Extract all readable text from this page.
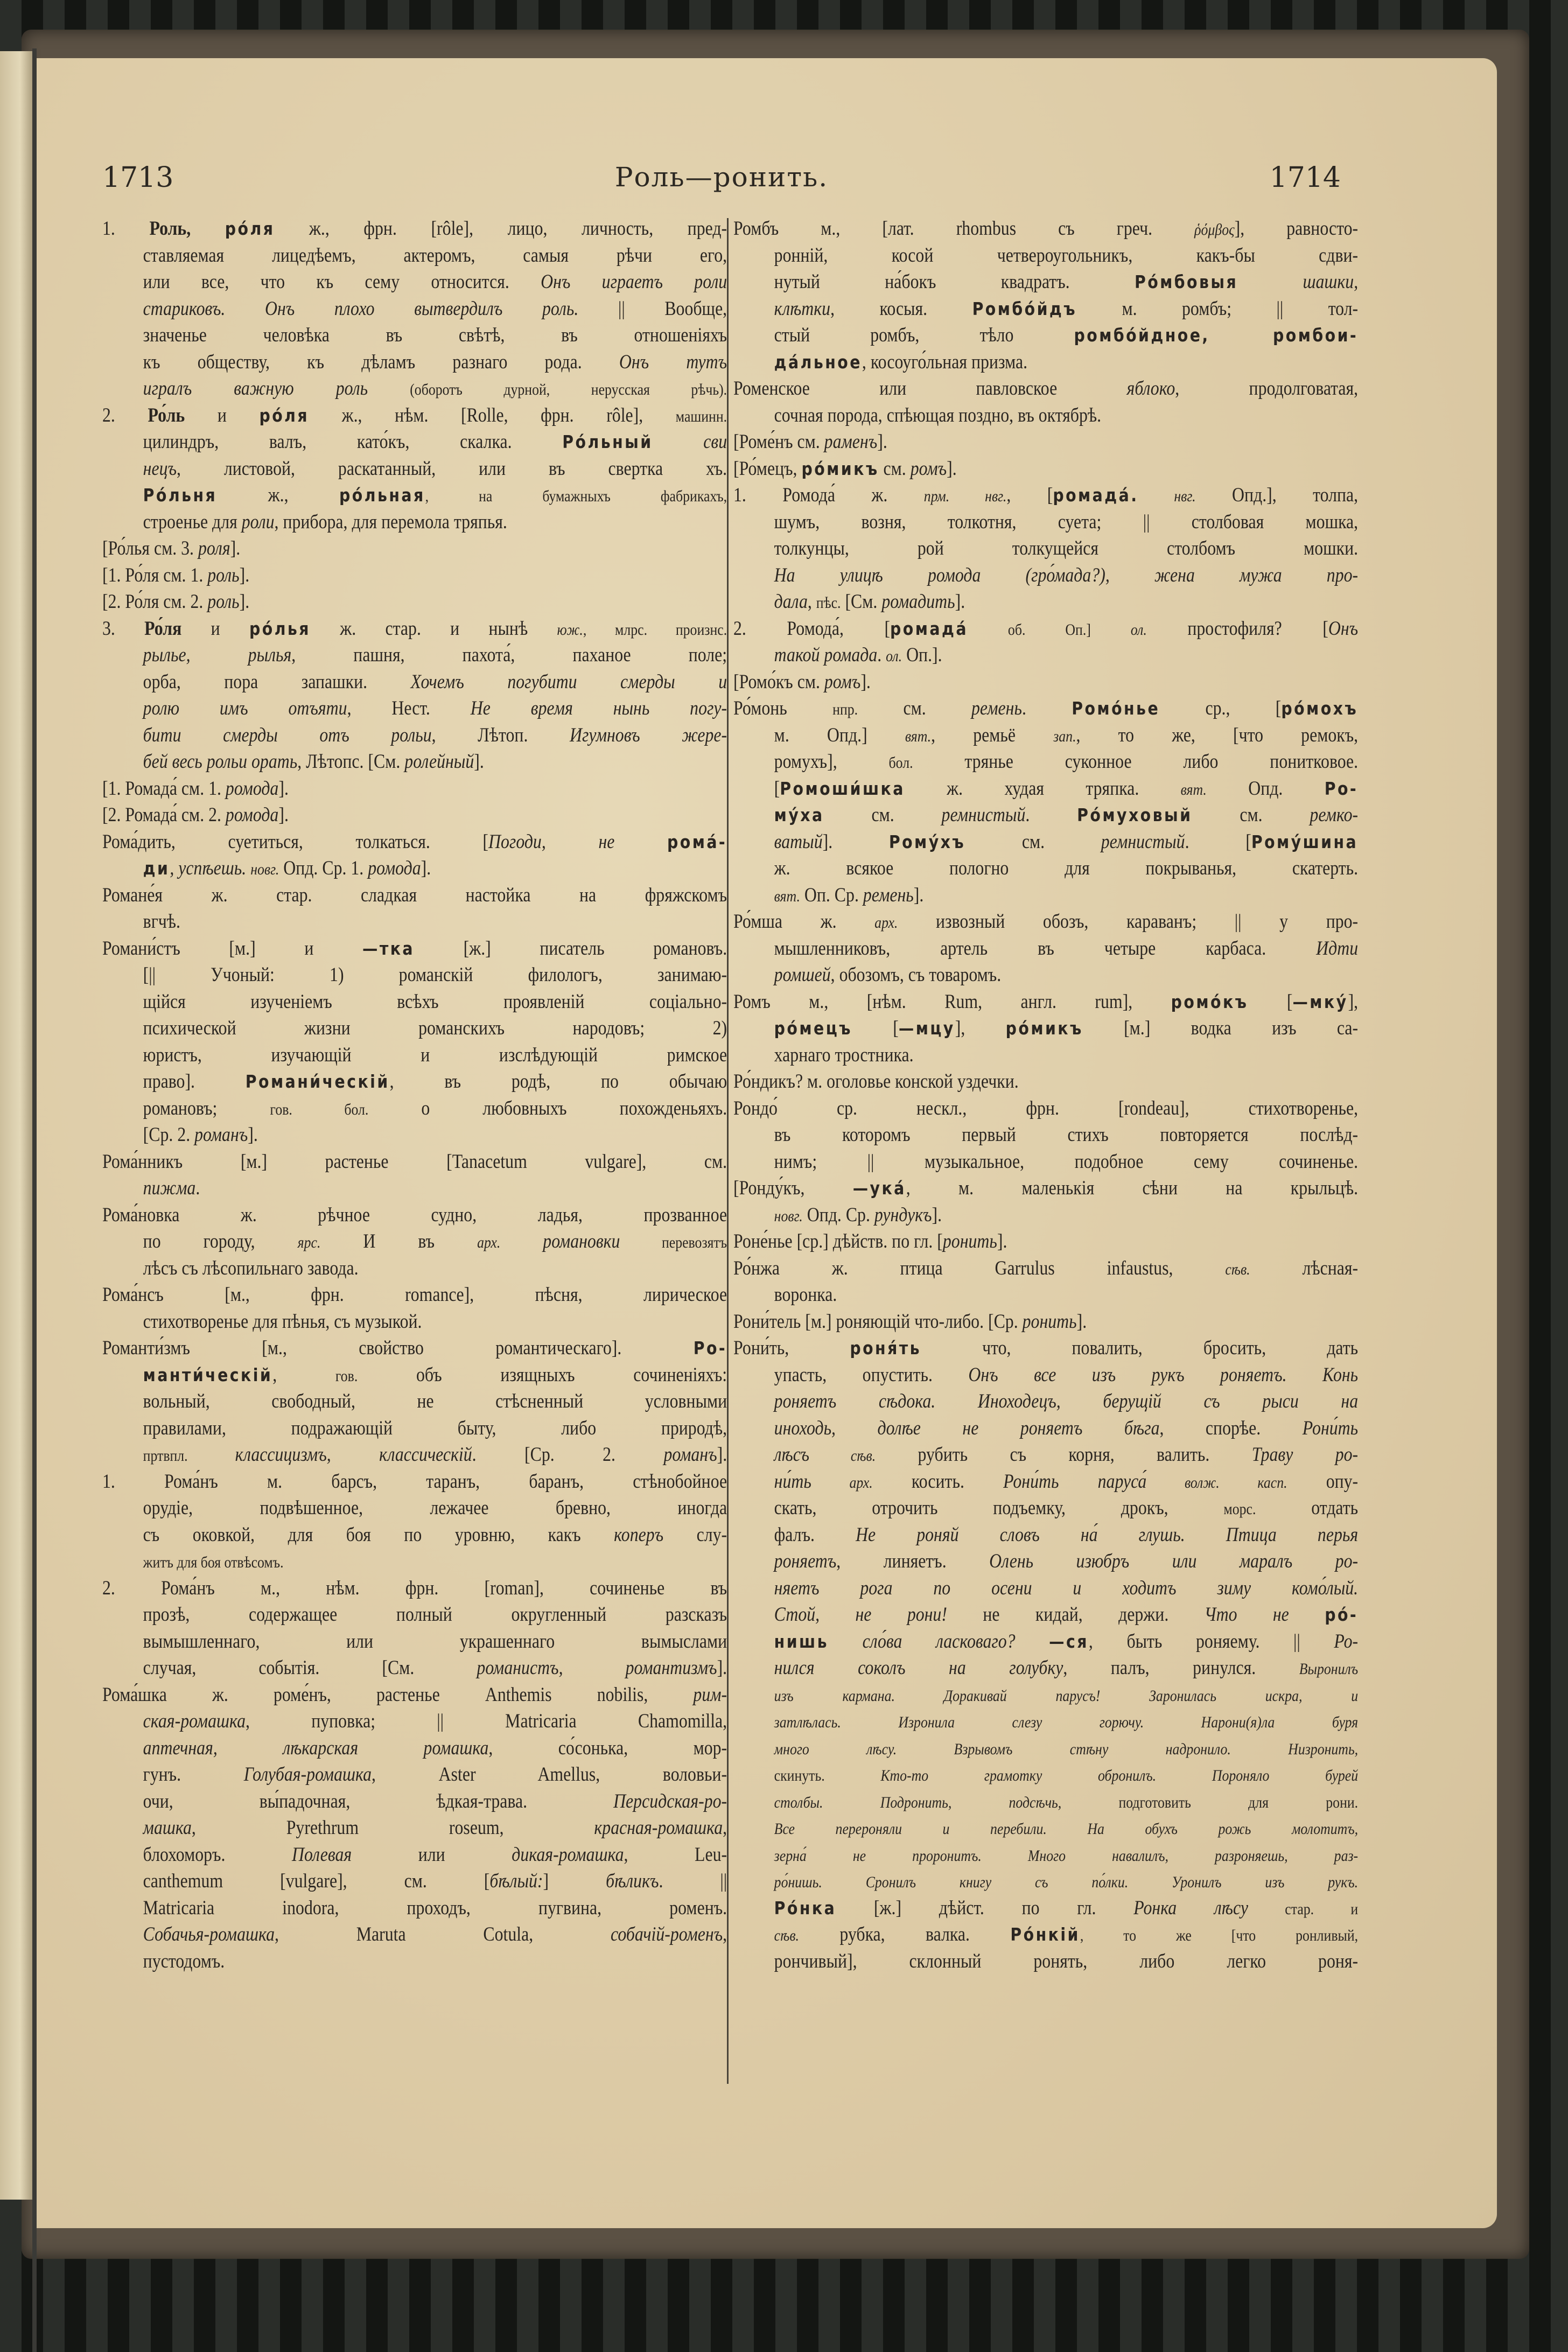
1713	Роль—ронить.	1714
1. Роль, ро́ля ж., фрн. [rôle], лицо, личность, пред-
ставляемая лицедѣемъ, актеромъ, самыя рѣчи его,
или все, что къ сему относится. Онъ играетъ роли
стариковъ. Онъ плохо вытвердилъ роль. || Вообще,
значенье человѣка въ свѣтѣ, въ отношеніяхъ
къ обществу, къ дѣламъ разнаго рода. Онъ тутъ
игралъ важную роль (оборотъ дурной, нерусская рѣчь).
2. Ро́ль и ро́ля ж., нѣм. [Rolle, фрн. rôle], машинн.
цилиндръ, валъ, като́къ, скалка. Ро́льный сви
нецъ, листовой, раскатанный, или въ свертка хъ.
Ро́льня ж., ро́льная, на бумажныхъ фабрикахъ,
строенье для роли, прибора, для перемола тряпья.
[Ро́лья см. 3. роля].
[1. Ро́ля см. 1. роль].
[2. Ро́ля см. 2. роль].
3. Ро́ля и ро́лья ж. стар. и нынѣ юж., млрс. произнс.
рылье, рылья, пашня, пахота́, паханое поле;
орба, пора запашки. Хочемъ погубити смерды и
ролю имъ отъяти, Нест. Не время нынь погу-
бити смерды отъ рольи, Лѣтоп. Игумновъ жере-
бей весь рольи орать, Лѣтопс. [См. ролейный].
[1. Ромада́ см. 1. ромода].
[2. Ромада́ см. 2. ромода].
Рома́дить, суетиться, толкаться. [Погоди, не рома́-
ди, успѣешь. новг. Опд. Ср. 1. ромода].
Романе́я ж. стар. сладкая настойка на фряжскомъ
вгчѣ.
Романи́стъ [м.] и —тка [ж.] писатель романовъ.
[|| Учоный: 1) романскій филологъ, занимаю-
щійся изученіемъ всѣхъ проявленій соціально-
психической жизни романскихъ народовъ; 2)
юристъ, изучающій и изслѣдующій римское
право]. Романи́ческій, въ родѣ, по обычаю
романовъ; гов. бол. о любовныхъ похожденьяхъ.
[Ср. 2. романъ].
Рома́нникъ [м.] растенье [Tanacetum vulgare], см.
пижма.
Рома́новка ж. рѣчное судно, ладья, прозванное
по городу, ярс. И въ арх. романовки перевозятъ
лѣсъ съ лѣсопильнаго завода.
Рома́нсъ [м., фрн. romance], пѣсня, лирическое
стихотворенье для пѣнья, съ музыкой.
Романти́змъ [м., свойство романтическаго]. Ро-
манти́ческій, гов. объ изящныхъ сочиненіяхъ:
вольный, свободный, не стѣсненный условными
правилами, подражающій быту, либо природѣ,
пртвпл. классицизмъ, классическій. [Ср. 2. романъ].
1. Рома́нъ м. барсъ, таранъ, баранъ, стѣнобойное
орудіе, подвѣшенное, лежачее бревно, иногда
съ оковкой, для боя по уровню, какъ коперъ слу-
житъ для боя отвѣсомъ.
2. Рома́нъ м., нѣм. фрн. [roman], сочиненье въ
прозѣ, содержащее полный округленный разсказъ
вымышленнаго, или украшеннаго вымыслами
случая, событія. [См. романистъ, романтизмъ].
Рома́шка ж. роме́нъ, растенье Anthemis nobilis, рим-
ская-ромашка, пуповка; || Matricaria Chamomilla,
аптечная, лѣкарская ромашка, со́сонька, мор-
гунъ. Голубая-ромашка, Aster Amellus, воловьи-
очи, вы́падочная, ѣдкая-трава. Персидская-ро-
машка, Pyrethrum roseum, красная-ромашка,
блохоморъ. Полевая или дикая-ромашка, Leu-
canthemum [vulgare], см. [бѣлый:] бѣликъ. ||
Matricaria inodora, проходъ, пугвина, роменъ.
Собачья-ромашка, Maruta Cotula, собачій-роменъ,
пустодомъ.
Ромбъ м., [лат. rhombus съ греч. ῥόμβος], равносто-
ронній, косой четвероугольникъ, какъ-бы сдви-
нутый на́бокъ квадратъ. Ро́мбовыя шашки,
клѣтки, косыя. Ромбо́йдъ м. ромбъ; || тол-
стый ромбъ, тѣло ромбо́йдное, ромбои-
да́льное, косоуго́льная призма.
Роменское или павловское яблоко, продолговатая,
сочная порода, спѣющая поздно, въ октябрѣ.
[Роме́нъ см. раменъ].
[Ро́мецъ, ро́микъ см. ромъ].
1. Ромода́ ж. прм. нвг., [ромада́. нвг. Опд.], толпа,
шумъ, возня, толкотня, суета; || столбовая мошка,
толкунцы, рой толкущейся столбомъ мошки.
На улицѣ ромода (гро́мада?), жена мужа про-
дала, пѣс. [См. ромадить].
2. Ромода́, [ромада́ об. Оп.] ол. простофиля? [Онъ
такой ромада. ол. Оп.].
[Ромо́къ см. ромъ].
Ро́монь нпр. см. ремень. Ромо́нье ср., [ро́мохъ
м. Опд.] вят., ремьё зап., то же, [что ремокъ,
ромухъ], бол. трянье суконное либо понитковое.
[Ромоши́шка ж. худая тряпка. вят. Опд. Ро-
му́ха см. ремнистый. Ро́муховый см. ремко-
ватый]. Рому́хъ см. ремнистый. [Рому́шина
ж. всякое пологно для покрыванья, скатерть.
вят. Оп. Ср. ремень].
Ро́мша ж. арх. извозный обозъ, караванъ; || у про-
мышленниковъ, артель въ четыре карбаса. Идти
ромшей, обозомъ, съ товаромъ.
Ромъ м., [нѣм. Rum, англ. rum], ромо́къ [—мку́],
ро́мецъ [—мцу], ро́микъ [м.] водка изъ са-
харнаго тростника.
Ро́ндикъ? м. оголовье конской уздечки.
Рондо́ ср. нескл., фрн. [rondeau], стихотворенье,
въ которомъ первый стихъ повторяется послѣд-
нимъ; || музыкальное, подобное сему сочиненье.
[Ронду́къ, —ука́, м. маленькія сѣни на крыльцѣ.
новг. Опд. Ср. рундукъ].
Роне́нье [ср.] дѣйств. по гл. [ронить].
Ро́нжа ж. птица Garrulus infaustus, сѣв. лѣсная-
воронка.
Рони́тель [м.] роняющій что-либо. [Ср. ронить].
Рони́ть, роня́ть что, повалить, бросить, дать
упасть, опустить. Онъ все изъ рукъ роняетъ. Конь
роняетъ сѣдока. Иноходецъ, берущій съ рыси на
иноходь, долѣе не роняетъ бѣга, спорѣе. Рони́ть
лѣсъ сѣв. рубить съ корня, валить. Траву ро-
ни́ть арх. косить. Рони́ть паруса́ волж. касп. опу-
скать, отрочить подъемку, дрокъ, морс. отдать
фалъ. Не роняй словъ на́ глушь. Птица перья
роняетъ, линяетъ. Олень изюбръ или маралъ ро-
няетъ рога по осени и ходитъ зиму комо́лый.
Стой, не рони! не кидай, держи. Что не ро́-
нишь сло́ва ласковаго? —ся, быть роняему. || Ро-
нился соколъ на голубку, палъ, ринулся. Выронилъ
изъ кармана. Доракивай парусъ! Заронилась искра, и
затлѣлась. Изронила слезу горючу. Нарони(я)ла буря
много лѣсу. Взрывомъ стѣну надронило. Низронить,
скинуть. Кто-то грамотку обронилъ. Пороняло бурей
столбы. Подронить, подсѣчь, подготовить для рони.
Все перероняли и перебили. На обухъ рожь молотитъ,
зерна́ не проронитъ. Много навалилъ, разроняешь, раз-
ро́нишь. Сронилъ книгу съ по́лки. Уронилъ изъ рукъ.
Ро́нка [ж.] дѣйст. по гл. Ронка лѣсу стар. и
сѣв. рубка, валка. Ро́нкій, то же [что ронливый,
рончивый], склонный ронять, либо легко роня-
